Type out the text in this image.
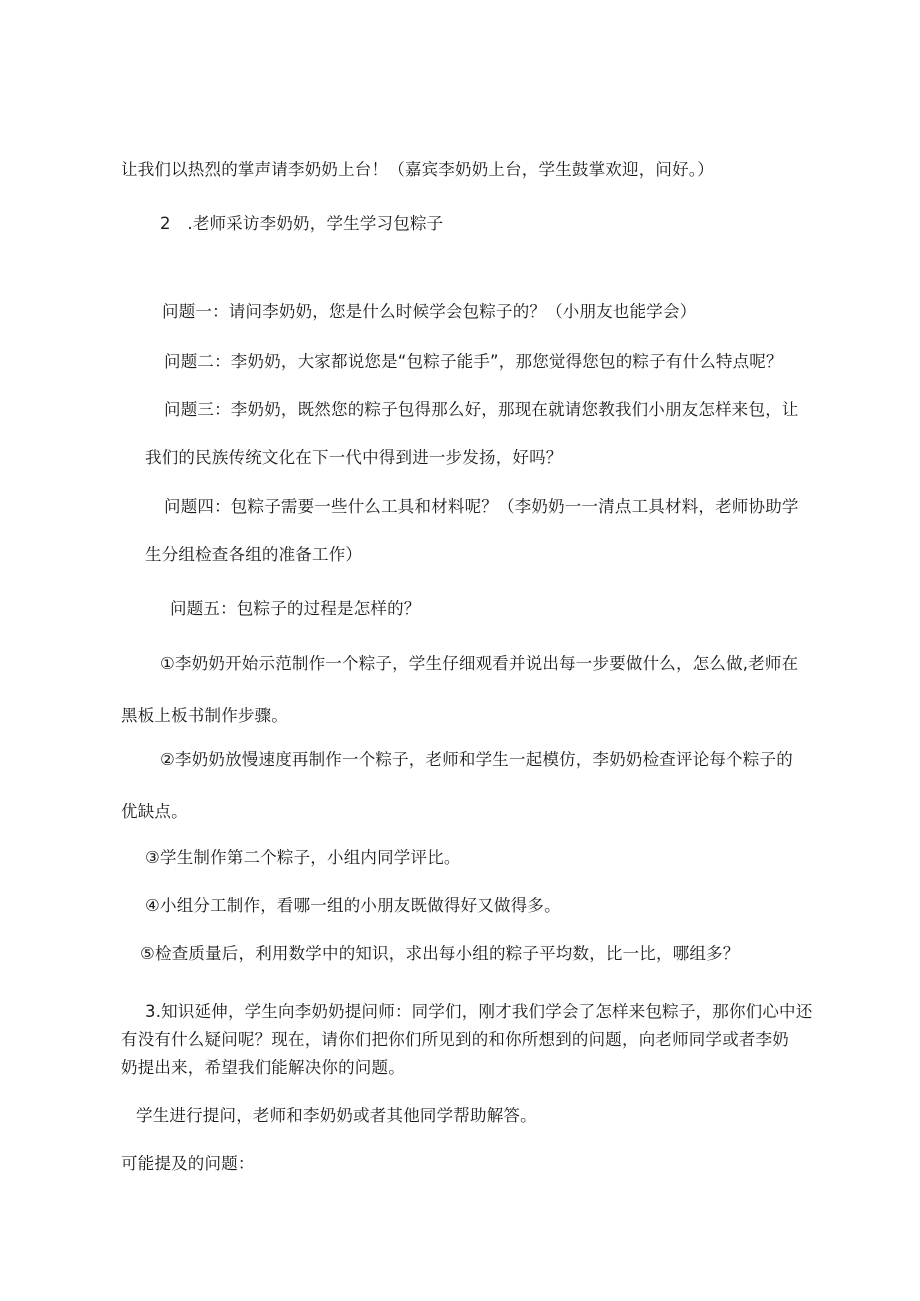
让我们以热烈的掌声请李奶奶上台！（嘉宾李奶奶上台，学生鼓掌欢迎，问好。）
2　.老师采访李奶奶，学生学习包粽子
问题一：请问李奶奶，您是什么时候学会包粽子的？（小朋友也能学会）
问题二：李奶奶，大家都说您是“包粽子能手”，那您觉得您包的粽子有什么特点呢？
问题三：李奶奶，既然您的粽子包得那么好，那现在就请您教我们小朋友怎样来包，让
我们的民族传统文化在下一代中得到进一步发扬，好吗？
问题四：包粽子需要一些什么工具和材料呢？（李奶奶一一清点工具材料，老师协助学
生分组检查各组的准备工作）
问题五：包粽子的过程是怎样的？
①李奶奶开始示范制作一个粽子，学生仔细观看并说出每一步要做什么，怎么做,老师在
黑板上板书制作步骤。
②李奶奶放慢速度再制作一个粽子，老师和学生一起模仿，李奶奶检查评论每个粽子的
优缺点。
③学生制作第二个粽子，小组内同学评比。
④小组分工制作，看哪一组的小朋友既做得好又做得多。
⑤检查质量后，利用数学中的知识，求出每小组的粽子平均数，比一比，哪组多？
3.知识延伸，学生向李奶奶提问师：同学们，刚才我们学会了怎样来包粽子，那你们心中还
有没有什么疑问呢？现在，请你们把你们所见到的和你所想到的问题，向老师同学或者李奶
奶提出来，希望我们能解决你的问题。
学生进行提问，老师和李奶奶或者其他同学帮助解答。
可能提及的问题：
